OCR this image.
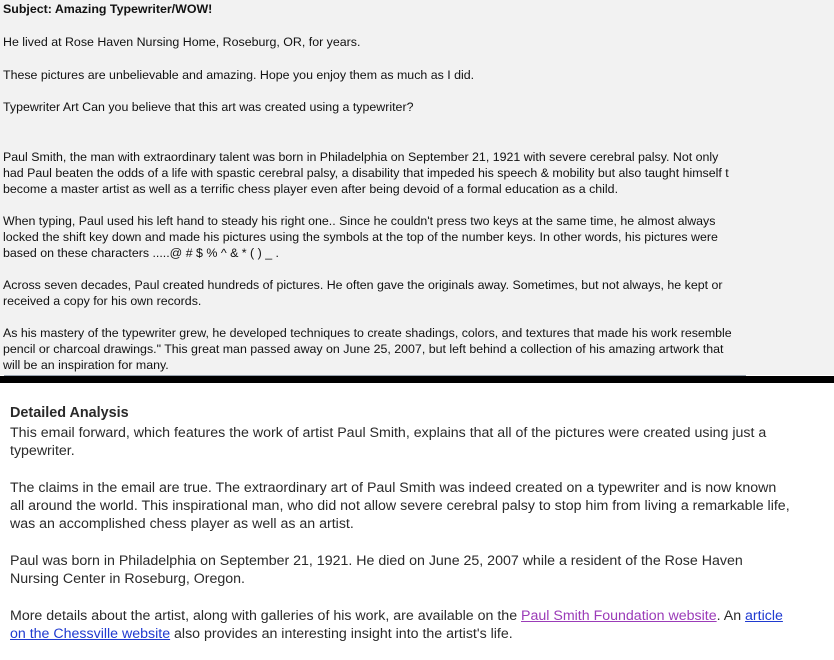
Subject: Amazing Typewriter/WOW!

He lived at Rose Haven Nursing Home, Roseburg, OR, for years.

These pictures are unbelievable and amazing. Hope you enjoy them as much as I did.

Typewriter Art Can you believe that this art was created using a typewriter?

Paul Smith, the man with extraordinary talent was born in Philadelphia on September 21, 1921 with severe cerebral palsy. Not only

had Paul beaten the odds of a life with spastic cerebral palsy, a disability that impeded his speech & mobility but also taught himself t

become a master artist as well as a terrific chess player even after being devoid of a formal education as a child.

When typing, Paul used his left hand to steady his right one.. Since he couldn't press two keys at the same time, he almost always

locked the shift key down and made his pictures using the symbols at the top of the number keys. In other words, his pictures were

based on these characters .....@ # $ % ^ & * ( ) _ .

Across seven decades, Paul created hundreds of pictures. He often gave the originals away. Sometimes, but not always, he kept or

received a copy for his own records.

As his mastery of the typewriter grew, he developed techniques to create shadings, colors, and textures that made his work resemble

pencil or charcoal drawings." This great man passed away on June 25, 2007, but left behind a collection of his amazing artwork that

will be an inspiration for many.

Detailed Analysis

This email forward, which features the work of artist Paul Smith, explains that all of the pictures were created using just a

typewriter.

The claims in the email are true. The extraordinary art of Paul Smith was indeed created on a typewriter and is now known

all around the world. This inspirational man, who did not allow severe cerebral palsy to stop him from living a remarkable life,

was an accomplished chess player as well as an artist.

Paul was born in Philadelphia on September 21, 1921. He died on June 25, 2007 while a resident of the Rose Haven

Nursing Center in Roseburg, Oregon.

More details about the artist, along with galleries of his work, are available on the Paul Smith Foundation website. An article

on the Chessville website also provides an interesting insight into the artist's life.
